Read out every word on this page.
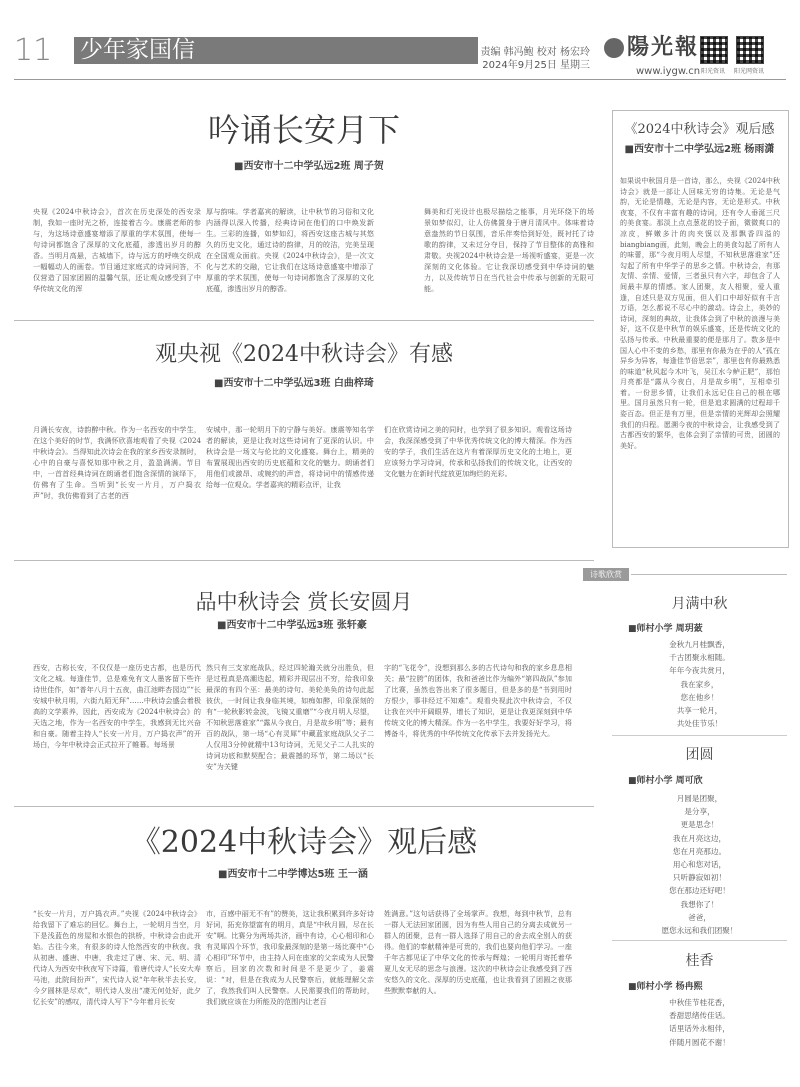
11 少年家国信	责编 韩冯鲍 校对 杨宏玲
2024年9月25日 星期三
陽光報
www.iygw.cn 阳光资讯	阳光网资讯
吟诵长安月下
■西安市十二中学弘远2班 周子贺
央视《2024中秋诗会》，首次在历史深处的西安录制，我如一座时光之桥，连接着古今。康震老师的参与，为这场诗意盛宴增添了厚重的学术氛围，使每一句诗词都饱含了深厚的文化底蕴，渗透出岁月的醇香。当明月高悬，古城墙下，诗与远方的呼唤交织成一幅幅动人的画卷。节目通过家庭式的诗词问答，不仅营造了国家团圆的温馨气氛，还让观众感受到了中华传统文化的浑
厚与韵味。学者嘉宾的解读，让中秋节的习俗和文化内涵得以深入传播，经典诗词在他们的口中焕发新生。三彩的连播，如梦如幻，将西安这座古城与其悠久的历史文化，通过诗的韵律，月的皎洁，完美呈现在全国观众面前。央视《2024中秋诗会》，是一次文化与艺术的交融，它让我们在这场诗意盛宴中增添了厚重的学术氛围，使每一句诗词都饱含了深厚的文化底蕴，渗透出岁月的醇香。
舞美和灯光设计也极尽描绘之能事，月光环绕下的场景如梦似幻，让人仿佛置身于唐月清风中。体味着诗意盎然的节日氛围，音乐伴奏恰到好处，既衬托了诗歌的韵律，又未过分夺目，保持了节目整体的高雅和肃敬。央视2024中秋诗会是一场视听盛宴，更是一次深刻的文化体验。它让我深切感受到中华诗词的魅力，以及传统节日在当代社会中传承与创新的无限可能。
观央视《2024中秋诗会》有感
■西安市十二中学弘远3班 白曲梓琦
月满长安夜，诗韵醉中秋。作为一名西安的中学生，在这个美好的时节，我满怀欣喜地观看了央视《2024中秋诗会》。当得知此次诗会在我的家乡西安录制时，心中的自豪与喜悦如那中秋之月，盈盈满满。节目中，一首首经典诗词在朗诵者们饱含深情的演绎下，仿佛有了生命。当听到“长安一片月，万户捣衣声”时，我仿佛看到了古老的西
安城中，那一轮明月下的宁静与美好。康震等知名学者的解读，更是让我对这些诗词有了更深的认识。中秋诗会是一场文与伦比的文化盛宴。舞台上，精美的布置展现出西安的历史底蕴和文化的魅力。朗诵者们用他们或激昂、或婉约的声音，将诗词中的情感传递给每一位观众。学者嘉宾的精彩点评，让我
们在欣赏诗词之美的同时，也学到了很多知识。观看这场诗会，我深深感受到了中华优秀传统文化的博大精深。作为西安的学子，我们生活在这片有着深厚历史文化的土地上，更应该努力学习诗词，传承和弘扬我们的传统文化，让西安的文化魅力在新时代绽放更加绚烂的光彩。
品中秋诗会 赏长安圆月
■西安市十二中学弘远3班 张轩豪
西安，古称长安，不仅仅是一座历史古都，也是历代文化之城。每逢佳节，总是难免有文人墨客留下些许诗世佳作，如“普年八月十五夜，曲江池畔杏园边”“长安城中秋月明，六街九陌无拜”……中秋诗会盛会着极高的文学素养，因此，西安成为《2024中秋诗会》的天选之地，作为一名西安的中学生，我感到无比兴奋和自豪。随着主持人“长安一片月，万户捣衣声”的开场白，今年中秋诗会正式拉开了帷幕。每场景
然只有三支家庭战队，经过四轮瀚关就分出胜负，但是过程真是高潮迭起，精彩并现层出不穷，给我印象最深的有四个巫：最美的诗句、美轮美奂的诗句此起彼伏，一时间让我身临其境，如痴如醉，印象深刻的有“一轮秋影转金波，飞镜又重磨”“今夜月明人尽望，不知秋思落谁家”“露从今夜白，月是故乡明”等；最有百的战队，第一场“心有灵犀”中藏蓝家庭战队父子二人仅用3分钟就精中13句诗词，无见父子二人扎实的诗词功底和默契配合；最震撼的环节，第二场以“长安”为关键
字的“飞花令”，没想到那么多的古代诗句和我的家乡息息相关；最“拉胯”的团体，我和爸爸比作为编外“第四战队”参加了比赛，虽然也答出来了很多题目，但是多的是“书到用时方恨少，事非经过不知难”。观看央视此次中秋诗会，不仅让我在兴中开阔眼界，增长了知识，更是让我更深刻到中华传统文化的博大精深。作为一名中学生，我要好好学习，将博备斗，将优秀的中华传统文化传承下去并发扬光大。
《2024中秋诗会》观后感
■西安市十二中学博达5班 王一涵
“长安一片月，万户捣衣声。”央视《2024中秋诗会》给我留下了难忘的回忆。舞台上，一轮明月当空，月下是浅蓝色的房屋和水银色的拱桥，中秋诗会由此开始。古往今来，有很多的诗人怆然西安的中秋夜。我从初唐、盛唐、中唐，我走过了唐、宋、元、明、清代诗人为西安中秋夜写下诗篇，看唐代诗人“长安大寿马池，此院间扮声”，宋代诗人说“年年秋半去长安，今夕圆林是尽欢”，明代诗人发出“凄无何处好，此夕忆长安”的感叹，清代诗人写下“今年着月长安
市，百感中丽无不有”的赞美，这让我积累到许多好诗好词，拓充你望富有的明月，真是“中秋月圆，尽在长安”啊。比赛分为两场共济，画中有诗，心心相印和心有灵犀四个环节，我印象最深刻的是第一场比赛中“心心相印”环节中，由主持人问在座家的父亲成为人民警察后，回家的次数和时间是不是更少了，姜震说：“对，但是在我成为人民警察后，就能理解父亲了，我然我们叫人民警察。人民需要我们的帮助时，我们就应该在力所能及的范围内让老百
姓满意。”这句话获得了全场掌声。我想，每到中秋节，总有一群人无法回家团圆，因为有些人用自己的分离去成就另一群人的团聚，总有一群人选择了用自己的舍去成全别人的获得。他们的奉献精神是可贵的，我们也要向他们学习。一座千年古都见证了中华文化的传承与辉煌；一轮明月寄托着华夏儿女无尽的思念与浪漫。这次的中秋诗会让我感受到了西安悠久的文化、深厚的历史底蕴，也让我看到了团圆之夜那些默默奉献的人。
《2024中秋诗会》观后感
■西安市十二中学弘远2班 杨雨潇
如果说中秋国月是一首诗，那么，央视《2024中秋诗会》就是一部让人回味无穷的诗集。无论是气韵，无论是情趣，无论是内容，无论是形式。中秋夜宴，不仅有丰富有趣的诗词，还有令人垂涎三尺的美食宴。那淡上点点葱花的饺子面，微微爽口的凉皮，鲜嫩多汁的肉夹馍以及那飘香四溢的biangbiang面，此刻，晚会上的美食勾起了所有人的味蕾，那“今夜月明人尽望，不知秋思落谁家”还勾起了所有中华学子的思乡之情。中秋诗会，有那友情、亲情、爱情，三者虽只有六字，却包含了人间最丰厚的情感。家人团聚，友人相聚，爱人重逢，自述只是双方见面，但人们口中却好似有千言万语，怎么都说不尽心中的激动。诗会上，美妙的诗词，深刻的典故，让我体会到了中秋的浪漫与美好，这不仅是中秋节的娱乐盛宴，还是传统文化的弘扬与传承。中秋最重要的便是那月了。数多是中国人心中不变的乡愁，那里有你最为在乎的人“孤在异乡为异客，每逢佳节倍思亲”，那里也有你最熟悉的味道“秋风起今木叶飞，吴江水今鲈正肥”，那怕月亮都是“露从今夜白，月是故乡明”，互相牵引着。一份思乡情，让我们永远记住自己的根在哪里。国月虽然只有一轮，但是追求圆满的过程却千姿百态。但正是有万里，但是亲情的光辉却会照耀我们的归程。愿溯今夜的中秋诗会，让我感受到了古都西安的繁华，也体会到了亲情的可贵，团圆的美好。
诗歌欣赏
月满中秋
■师村小学 周玥蔹
金秋九月桂飘香，
千古团聚永相随。
年年今夜共赏月，
我在家乡，
您在他乡！
共享一轮月，
共处佳节乐！
团圆
■师村小学 周可欣
月圆是团聚，
是分享，
更是思念！
我在月亮这边，
您在月亮那边。
用心和您对话，
只听静寂如初！
您在那边还好吧！
我想你了！
爸爸，
愿您永远和我们团聚！
桂香
■师村小学 杨冉熙
中秋佳节桂花香，
香甜思绪传佳话。
话里话外永相伴，
伴随月圆花不谢！
